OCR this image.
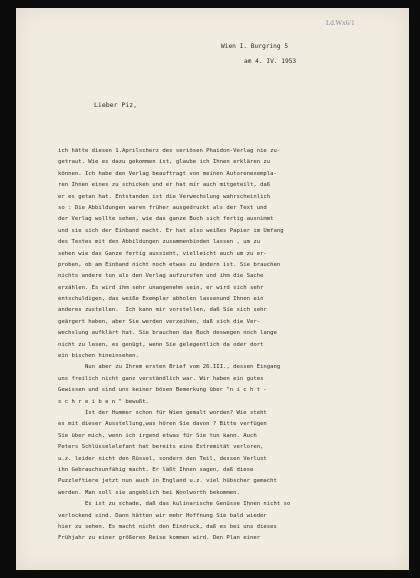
Ld.Wx6/1
Wien I. Burgring 5
am 4. IV. 1953
Lieber Piz,
ich hätte diesen 1.Aprilscherz des seriösen Phaidon-Verlag nie zu-
getraut. Wie es dazu gekommen ist, glaube ich Ihnen erklären zu
können. Ich habe den Verlag beauftragt von meinen Autorenexempla-
ren Ihnen eines zu schicken und er hat mir auch mitgeteilt, daß
er es getan hat. Entstanden ist die Verwechslung wahrscheinlich
so : Die Abbildungen waren früher ausgedruckt als der Text und
der Verlag wollte sehen, wie das ganze Buch sich fertig ausnimmt
und sie sich der Einband macht. Er hat also weißes Papier im Umfang
des Textes mit den Abbildungen zusammenbinden lassen , um zu
sehen wie das Ganze fertig aussieht, vielleicht auch um zu er-
proben, ob am Einband nicht noch etwas zu ändern ist. Sie brauchen
nichts andere tun als den Verlag aufzurufen und ihm die Sache
erzählen. Es wird ihm sehr unangenehm sein, er wird sich sehr
entschuldigen, das weiße Exemplar abholen lassenund Ihnen ein
anderes zustellen.  Ich kann mir vorstellen, daß Sie sich sehr
geärgert haben, aber Sie werden verzeihen, daß sich die Ver-
wechslung aufklärt hat. Sie brauchen das Buch deswegen noch lange
nicht zu lesen, es genügt, wenn Sie gelegentlich da oder dort
ein bischen hineinsehen.
Nun aber zu Ihrem ersten Brief vom 26.III., dessen Eingang
uns freilich nicht ganz verständlich war. Wir haben ein gutes
Gewissen und sind uns keiner bösen Bemerkung über "n i c h t -
s c h r e i b e n " bewußt.
Ist der Hummer schon für Wien gemalt worden? Wie steht
es mit dieser Ausstellung,was hören Sie davon ? Bitte verfügen
Sie über mich, wenn ich irgend etwas für Sie tun kann. Auch
Peters Schlüsselelefant hat bereits eine Extremität verloren,
u.z. leider nicht den Rüssel, sondern den Teil, dessen Verlust
ihn Gebrauchsunfähig macht. Er läßt Ihnen sagen, daß diese
Puzzleftiere jetzt nun auch in England u.z. viel hübscher gemacht
werden. Man soll sie angeblich bei Woolworth bekommen.
Es ist zu schade, daß das kulinarische Genüsse Ihnen nicht so
verlockend sind. Dann hätten wir mehr Hoffnung Sie bald wieder
hier zu sehen. Es macht nicht den Eindruck, daß es bei uns dieses
Frühjahr zu einer größeren Reise kommen wird. Den Plan einer
